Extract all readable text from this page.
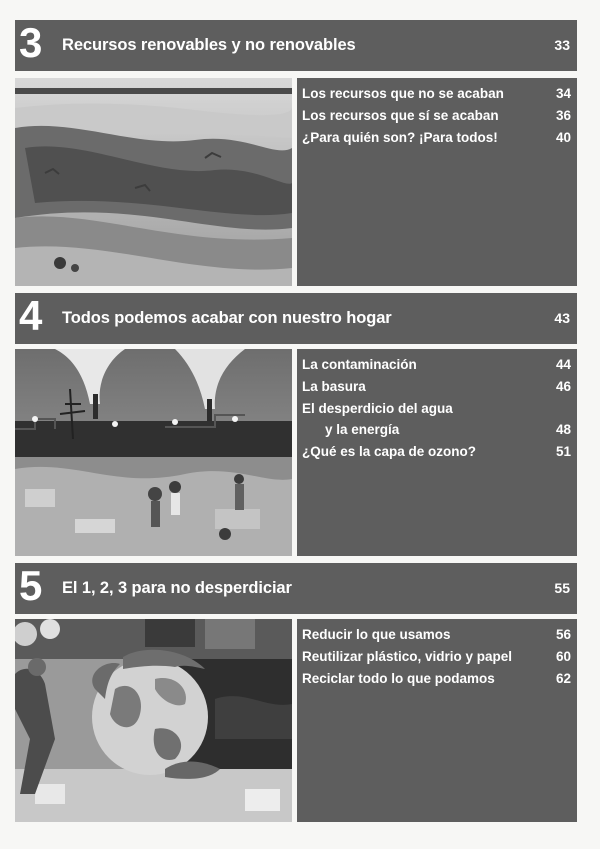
3 Recursos renovables y no renovables	33
Los recursos que no se acaban	34
Los recursos que sí se acaban	36
¿Para quién son? ¡Para todos!	40
4 Todos podemos acabar con nuestro hogar	43
La contaminación	44
La basura	46
El desperdicio del agua
y la energía	48
¿Qué es la capa de ozono?	51
5 El 1, 2, 3 para no desperdiciar	55
Reducir lo que usamos	56
Reutilizar plástico, vidrio y papel	60
Reciclar todo lo que podamos	62
